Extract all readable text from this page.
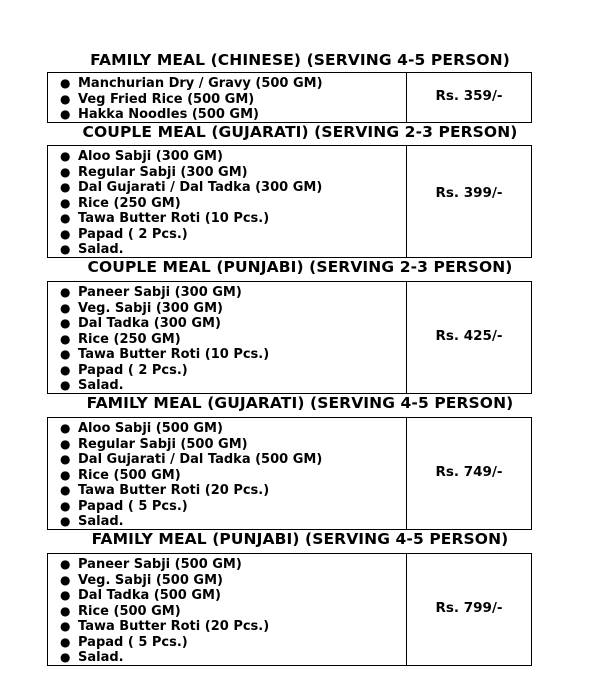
FAMILY MEAL (CHINESE) (SERVING 4-5 PERSON)
● Manchurian Dry / Gravy (500 GM)
● Veg Fried Rice (500 GM)
● Hakka Noodles (500 GM)
Rs. 359/-
COUPLE MEAL (GUJARATI) (SERVING 2-3 PERSON)
● Aloo Sabji (300 GM)
● Regular Sabji (300 GM)
● Dal Gujarati / Dal Tadka (300 GM)
● Rice (250 GM)
● Tawa Butter Roti (10 Pcs.)
● Papad ( 2 Pcs.)
● Salad.
Rs. 399/-
COUPLE MEAL (PUNJABI) (SERVING 2-3 PERSON)
● Paneer Sabji (300 GM)
● Veg. Sabji (300 GM)
● Dal Tadka (300 GM)
● Rice (250 GM)
● Tawa Butter Roti (10 Pcs.)
● Papad ( 2 Pcs.)
● Salad.
Rs. 425/-
FAMILY MEAL (GUJARATI) (SERVING 4-5 PERSON)
● Aloo Sabji (500 GM)
● Regular Sabji (500 GM)
● Dal Gujarati / Dal Tadka (500 GM)
● Rice (500 GM)
● Tawa Butter Roti (20 Pcs.)
● Papad ( 5 Pcs.)
● Salad.
Rs. 749/-
FAMILY MEAL (PUNJABI) (SERVING 4-5 PERSON)
● Paneer Sabji (500 GM)
● Veg. Sabji (500 GM)
● Dal Tadka (500 GM)
● Rice (500 GM)
● Tawa Butter Roti (20 Pcs.)
● Papad ( 5 Pcs.)
● Salad.
Rs. 799/-
